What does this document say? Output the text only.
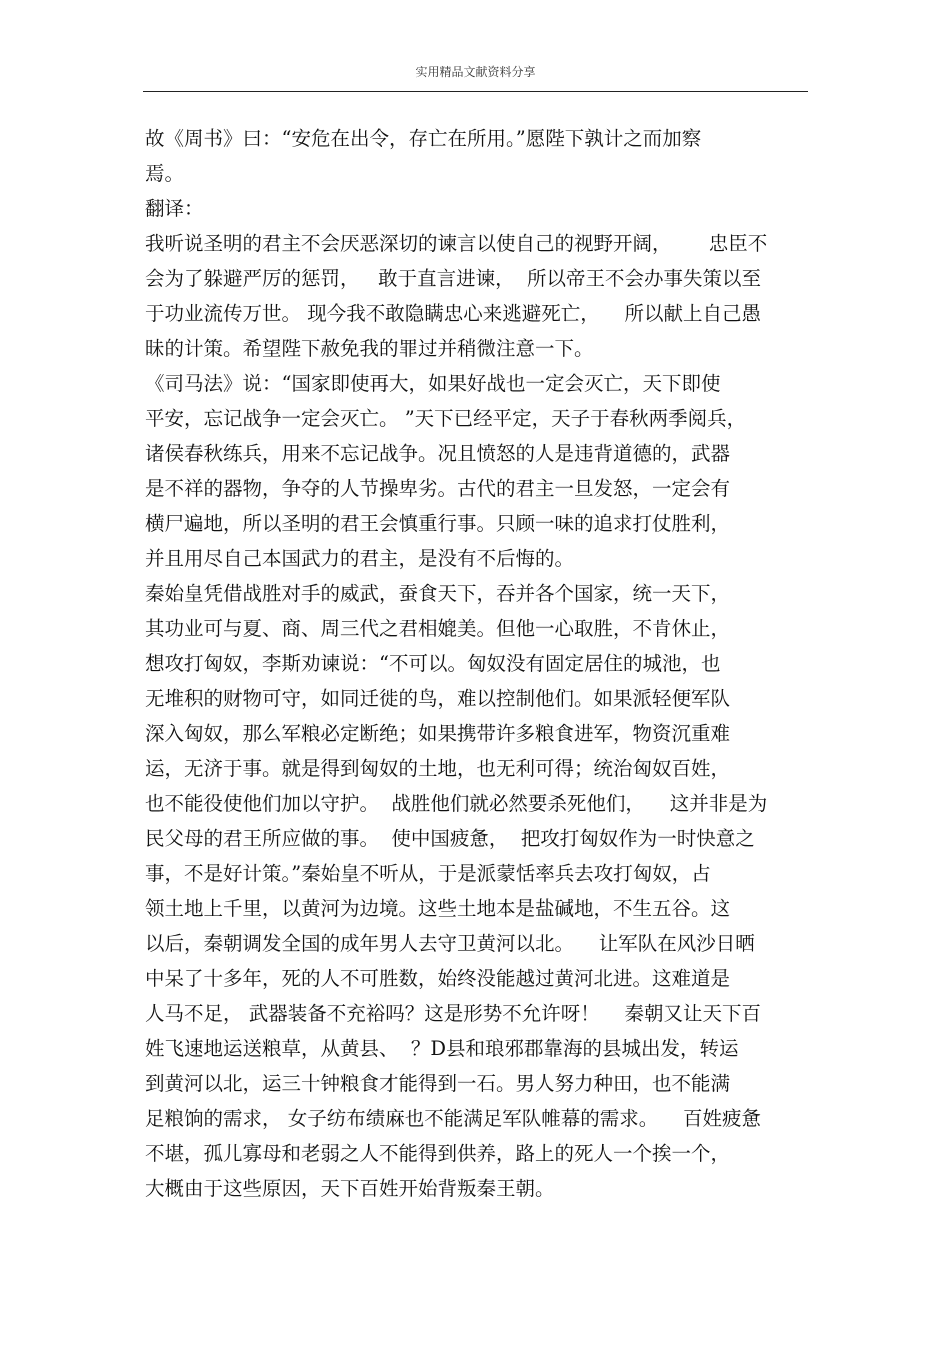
实用精品文献资料分享
故《周书》曰：“安危在出令，存亡在所用。”愿陛下孰计之而加察
焉。
翻译：
我听说圣明的君主不会厌恶深切的谏言以使自己的视野开阔，      忠臣不
会为了躲避严厉的惩罚，   敢于直言进谏，  所以帝王不会办事失策以至
于功业流传万世。 现今我不敢隐瞒忠心来逃避死亡，    所以献上自己愚
昧的计策。希望陛下赦免我的罪过并稍微注意一下。
《司马法》说：“国家即使再大，如果好战也一定会灭亡，天下即使
平安，忘记战争一定会灭亡。 ”天下已经平定，天子于春秋两季阅兵，
诸侯春秋练兵，用来不忘记战争。况且愤怒的人是违背道德的，武器
是不祥的器物，争夺的人节操卑劣。古代的君主一旦发怒，一定会有
横尸遍地，所以圣明的君王会慎重行事。只顾一味的追求打仗胜利，
并且用尽自己本国武力的君主，是没有不后悔的。
秦始皇凭借战胜对手的威武，蚕食天下，吞并各个国家，统一天下，
其功业可与夏、商、周三代之君相媲美。但他一心取胜，不肯休止，
想攻打匈奴，李斯劝谏说：“不可以。匈奴没有固定居住的城池，也
无堆积的财物可守，如同迁徙的鸟，难以控制他们。如果派轻便军队
深入匈奴，那么军粮必定断绝；如果携带许多粮食进军，物资沉重难
运，无济于事。就是得到匈奴的土地，也无利可得；统治匈奴百姓，
也不能役使他们加以守护。  战胜他们就必然要杀死他们，    这并非是为
民父母的君王所应做的事。  使中国疲惫，  把攻打匈奴作为一时快意之
事，不是好计策。”秦始皇不听从，于是派蒙恬率兵去攻打匈奴，占
领土地上千里，以黄河为边境。这些土地本是盐碱地，不生五谷。这
以后，秦朝调发全国的成年男人去守卫黄河以北。    让军队在风沙日晒
中呆了十多年，死的人不可胜数，始终没能越过黄河北进。这难道是
人马不足， 武器装备不充裕吗？这是形势不允许呀！    秦朝又让天下百
姓飞速地运送粮草，从黄县、  ？D县和琅邪郡靠海的县城出发，转运
到黄河以北，运三十钟粮食才能得到一石。男人努力种田，也不能满
足粮饷的需求， 女子纺布绩麻也不能满足军队帷幕的需求。    百姓疲惫
不堪，孤儿寡母和老弱之人不能得到供养，路上的死人一个挨一个，
大概由于这些原因，天下百姓开始背叛秦王朝。
